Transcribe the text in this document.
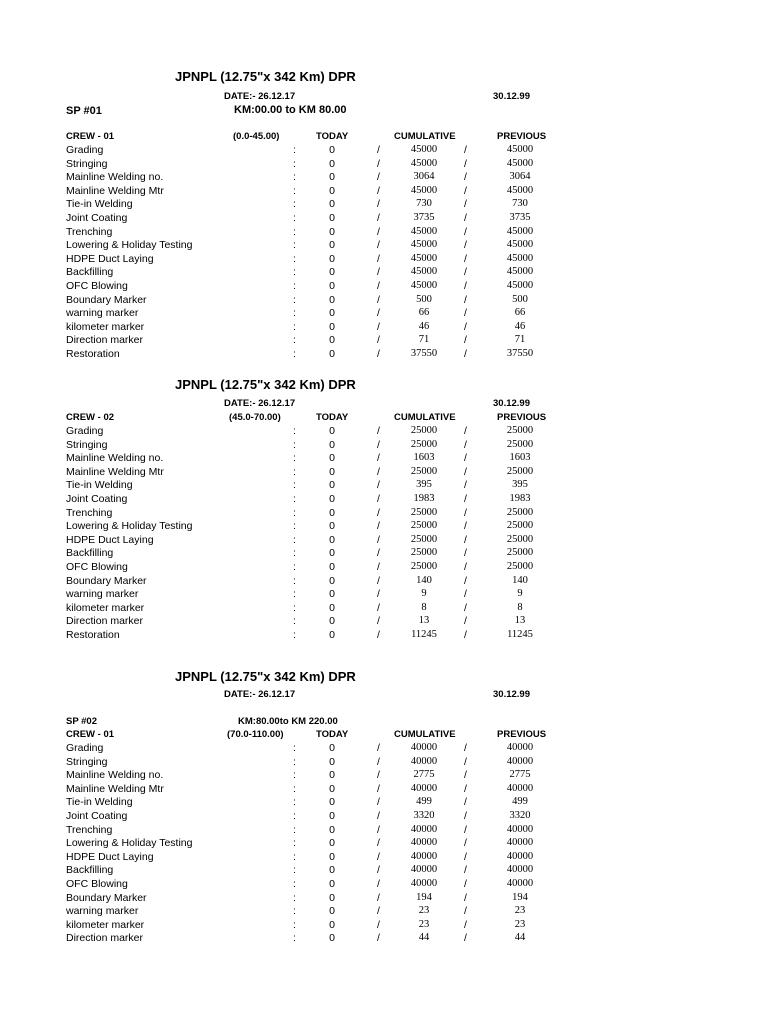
JPNPL (12.75"x 342 Km) DPR
DATE:- 26.12.17	30.12.99
SP #01	KM:00.00 to KM 80.00
CREW - 01	(0.0-45.00)	TODAY	CUMULATIVE	PREVIOUS
Grading	:	0	/	45000	/	45000
Stringing	:	0	/	45000	/	45000
Mainline Welding no.	:	0	/	3064	/	3064
Mainline Welding Mtr	:	0	/	45000	/	45000
Tie-in Welding	:	0	/	730	/	730
Joint Coating	:	0	/	3735	/	3735
Trenching	:	0	/	45000	/	45000
Lowering & Holiday Testing	:	0	/	45000	/	45000
HDPE Duct Laying	:	0	/	45000	/	45000
Backfilling	:	0	/	45000	/	45000
OFC Blowing	:	0	/	45000	/	45000
Boundary Marker	:	0	/	500	/	500
warning marker	:	0	/	66	/	66
kilometer marker	:	0	/	46	/	46
Direction marker	:	0	/	71	/	71
Restoration	:	0	/	37550	/	37550
JPNPL (12.75"x 342 Km) DPR
DATE:- 26.12.17	30.12.99
CREW - 02	(45.0-70.00)	TODAY	CUMULATIVE	PREVIOUS
Grading	:	0	/	25000	/	25000
Stringing	:	0	/	25000	/	25000
Mainline Welding no.	:	0	/	1603	/	1603
Mainline Welding Mtr	:	0	/	25000	/	25000
Tie-in Welding	:	0	/	395	/	395
Joint Coating	:	0	/	1983	/	1983
Trenching	:	0	/	25000	/	25000
Lowering & Holiday Testing	:	0	/	25000	/	25000
HDPE Duct Laying	:	0	/	25000	/	25000
Backfilling	:	0	/	25000	/	25000
OFC Blowing	:	0	/	25000	/	25000
Boundary Marker	:	0	/	140	/	140
warning marker	:	0	/	9	/	9
kilometer marker	:	0	/	8	/	8
Direction marker	:	0	/	13	/	13
Restoration	:	0	/	11245	/	11245
JPNPL (12.75"x 342 Km) DPR
DATE:- 26.12.17	30.12.99
SP #02	KM:80.00to KM 220.00
CREW - 01	(70.0-110.00)	TODAY	CUMULATIVE	PREVIOUS
Grading	:	0	/	40000	/	40000
Stringing	:	0	/	40000	/	40000
Mainline Welding no.	:	0	/	2775	/	2775
Mainline Welding Mtr	:	0	/	40000	/	40000
Tie-in Welding	:	0	/	499	/	499
Joint Coating	:	0	/	3320	/	3320
Trenching	:	0	/	40000	/	40000
Lowering & Holiday Testing	:	0	/	40000	/	40000
HDPE Duct Laying	:	0	/	40000	/	40000
Backfilling	:	0	/	40000	/	40000
OFC Blowing	:	0	/	40000	/	40000
Boundary Marker	:	0	/	194	/	194
warning marker	:	0	/	23	/	23
kilometer marker	:	0	/	23	/	23
Direction marker	:	0	/	44	/	44
